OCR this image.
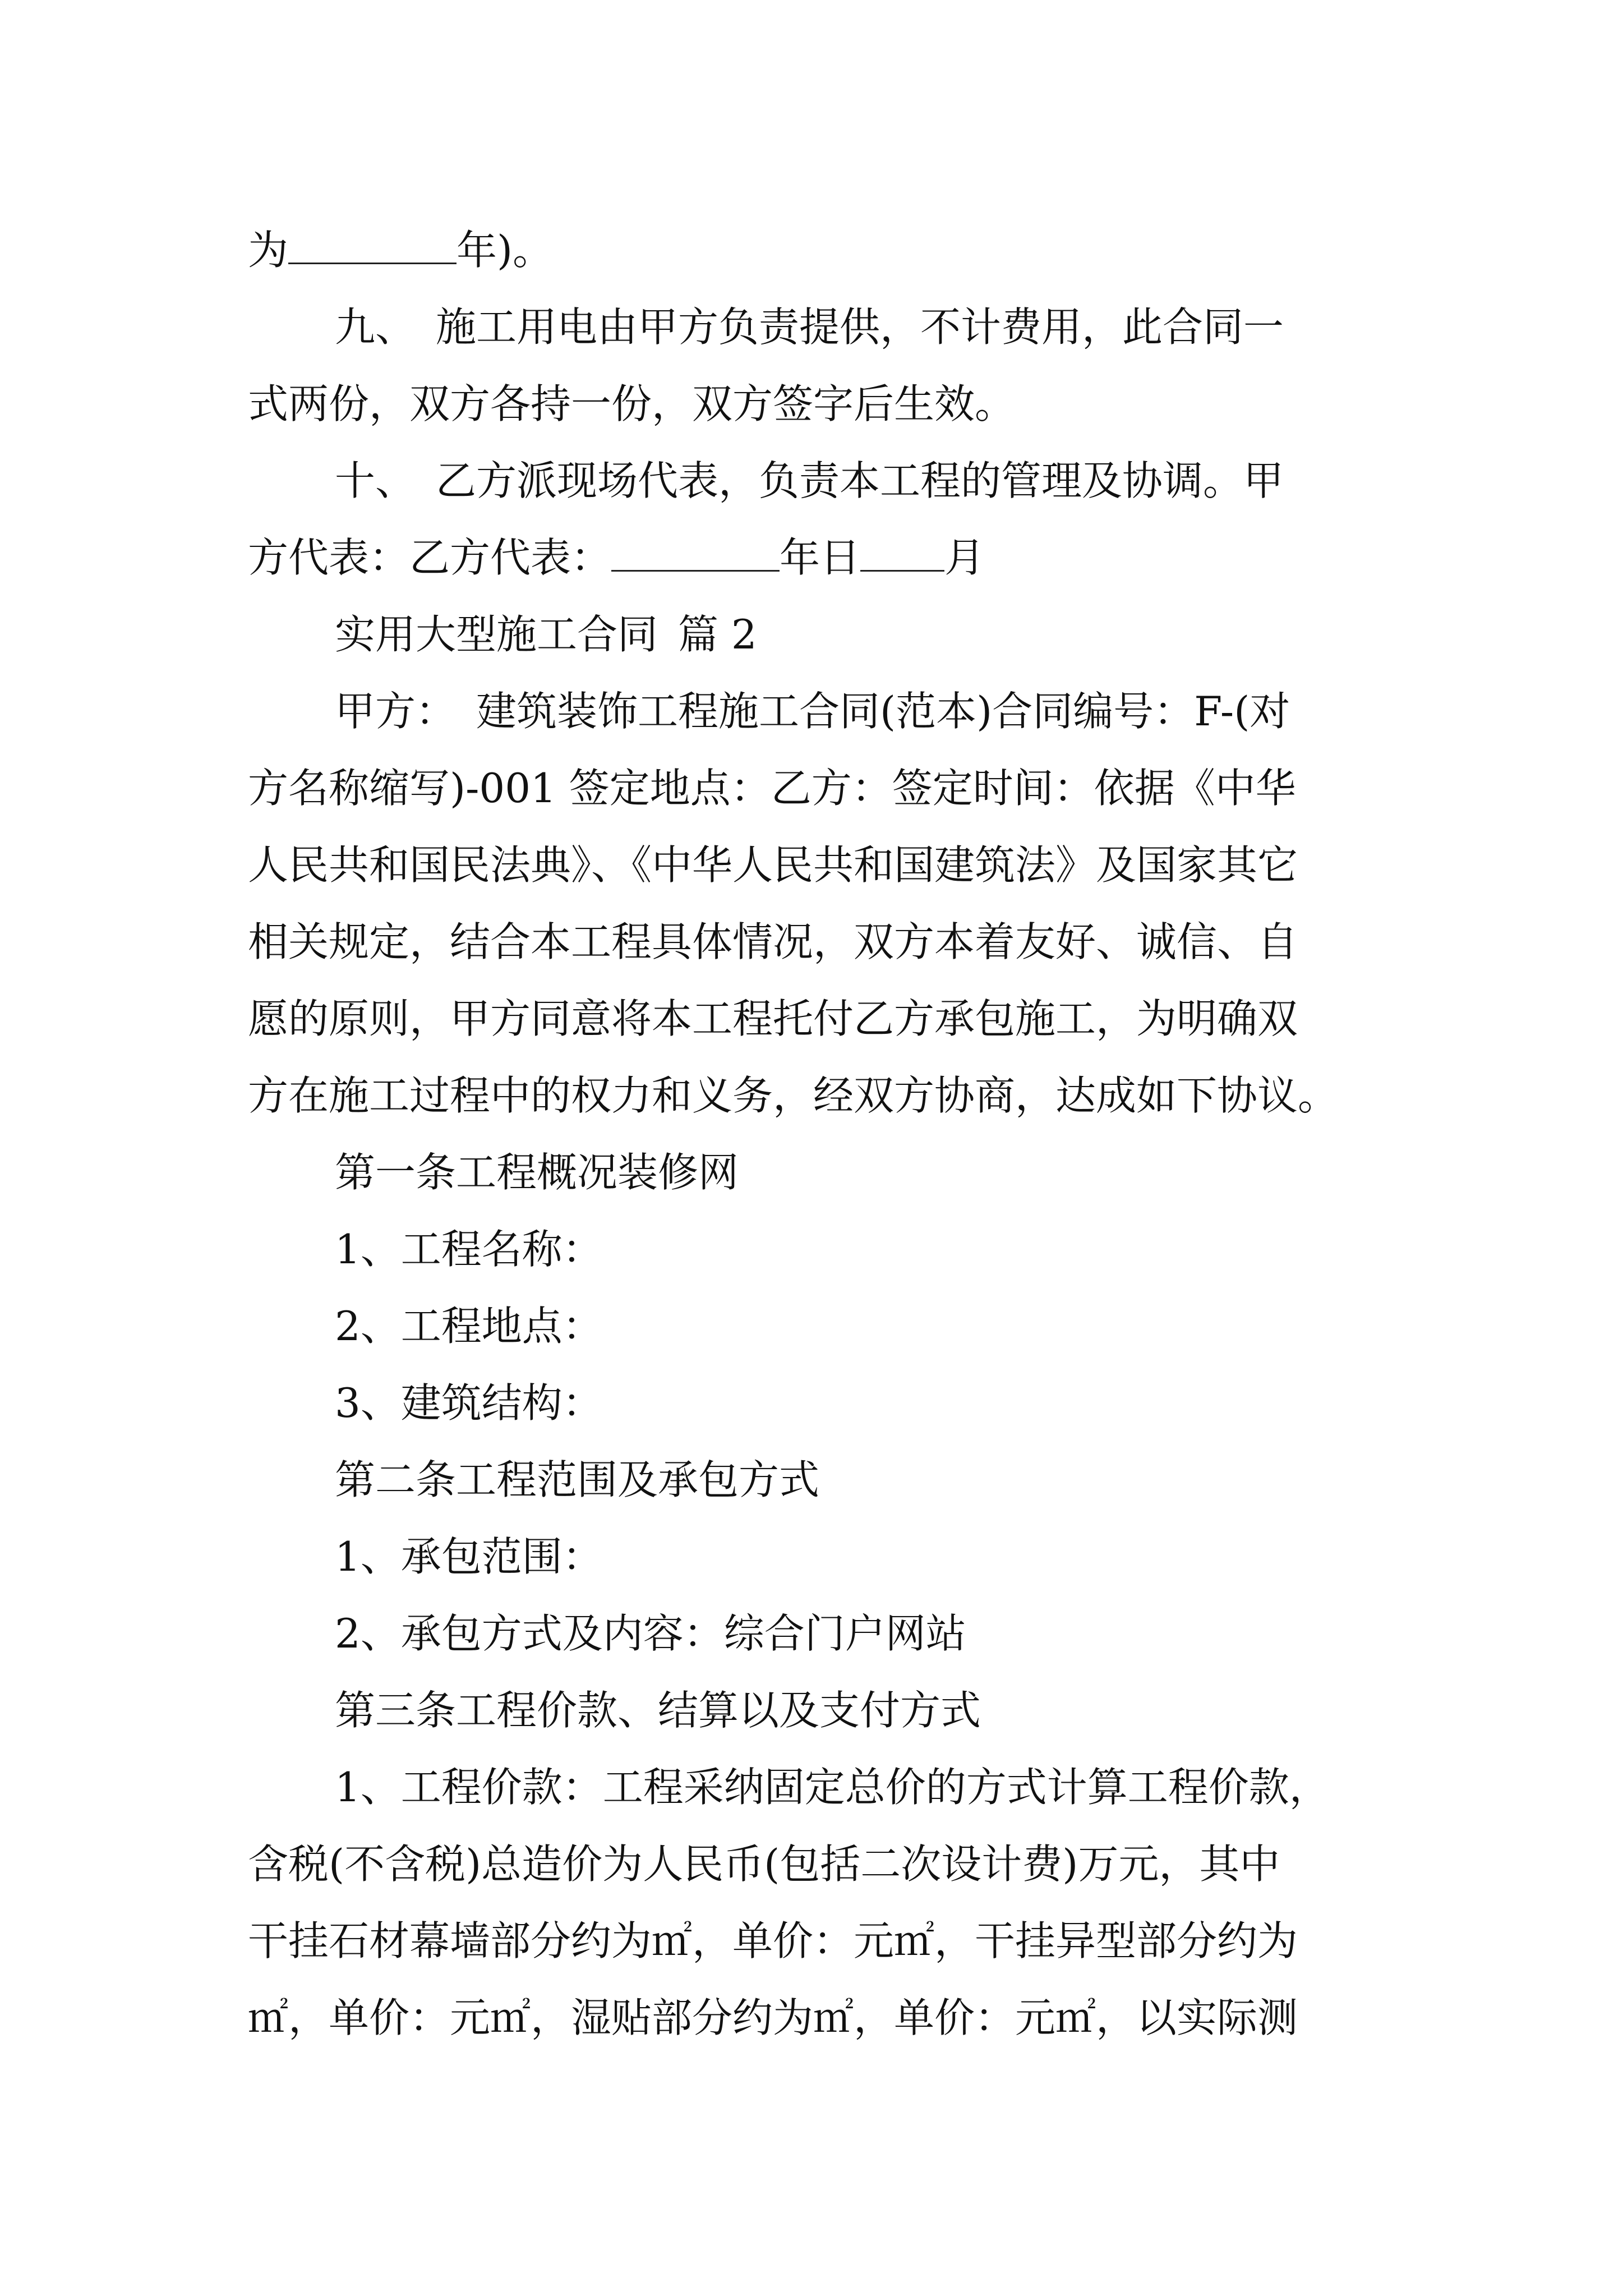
为	年)。

九、 施工用电由甲方负责提供，不计费用，此合同一

式两份，双方各持一份，双方签字后生效。

十、 乙方派现场代表，负责本工程的管理及协调。甲

方代表：乙方代表：	年日 月

实用大型施工合同 篇 2

甲方： 建筑装饰工程施工合同(范本)合同编号：F-(对

方名称缩写)-001 签定地点：乙方：签定时间：依据《中华

人民共和国民法典》、《中华人民共和国建筑法》及国家其它

相关规定，结合本工程具体情况，双方本着友好、诚信、自

愿的原则，甲方同意将本工程托付乙方承包施工，为明确双

方在施工过程中的权力和义务，经双方协商，达成如下协议。

第一条工程概况装修网

1、工程名称：

2、工程地点：

3、建筑结构：

第二条工程范围及承包方式

1、承包范围：

2、承包方式及内容：综合门户网站

第三条工程价款、结算以及支付方式

1、工程价款：工程采纳固定总价的方式计算工程价款，

含税(不含税)总造价为人民币(包括二次设计费)万元，其中

干挂石材幕墙部分约为㎡，单价：元㎡，干挂异型部分约为

㎡，单价：元㎡，湿贴部分约为㎡，单价：元㎡，以实际测
